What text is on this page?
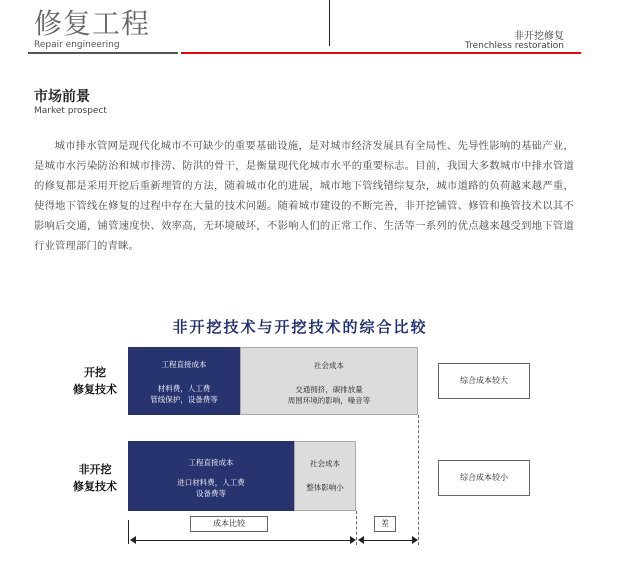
修复工程
Repair engineering
非开挖修复
Trenchless restoration
市场前景
Market prospect
城市排水管网是现代化城市不可缺少的重要基础设施，是对城市经济发展具有全局性、先导性影响的基础产业，是城市水污染防治和城市排涝、防洪的骨干，是衡量现代化城市水平的重要标志。目前，我国大多数城市中排水管道的修复都是采用开挖后重新埋管的方法，随着城市化的进展，城市地下管线错综复杂，城市道路的负荷越来越严重，使得地下管线在修复的过程中存在大量的技术问题。随着城市建设的不断完善，非开挖铺管、修管和换管技术以其不影响后交通，铺管速度快、效率高，无环境破坏，不影响人们的正常工作、生活等一系列的优点越来越受到地下管道行业管理部门的青睐。
非开挖技术与开挖技术的综合比较
开挖
修复技术
工程直接成本
材料费，人工费
管线保护，设备费等
社会成本
交通拥挤，碳排放量
周围环境的影响，噪音等
综合成本较大
非开挖
修复技术
工程直接成本
进口材料费，人工费
设备费等
社会成本
整体影响小
综合成本较小
成本比较	差
